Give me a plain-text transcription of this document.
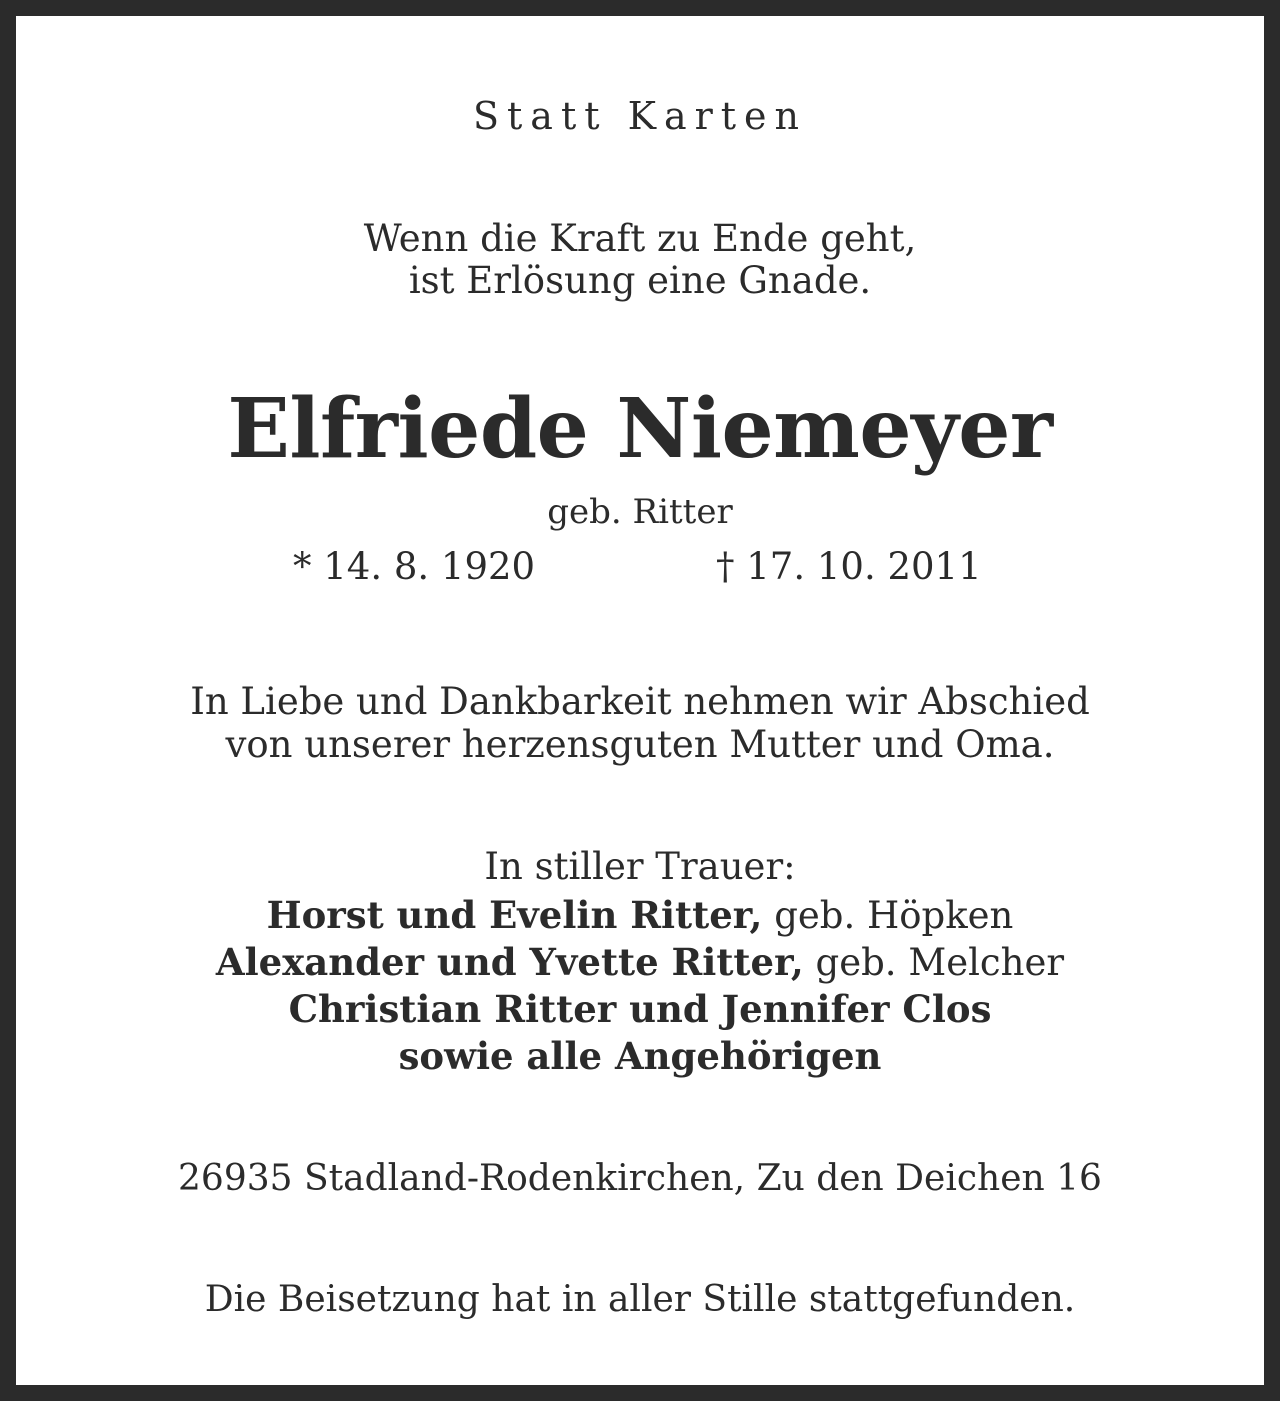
Statt Karten
Wenn die Kraft zu Ende geht,
ist Erlösung eine Gnade.
Elfriede Niemeyer
geb. Ritter
* 14. 8. 1920	† 17. 10. 2011
In Liebe und Dankbarkeit nehmen wir Abschied
von unserer herzensguten Mutter und Oma.
In stiller Trauer:
Horst und Evelin Ritter, geb. Höpken
Alexander und Yvette Ritter, geb. Melcher
Christian Ritter und Jennifer Clos
sowie alle Angehörigen
26935 Stadland-Rodenkirchen, Zu den Deichen 16
Die Beisetzung hat in aller Stille stattgefunden.
